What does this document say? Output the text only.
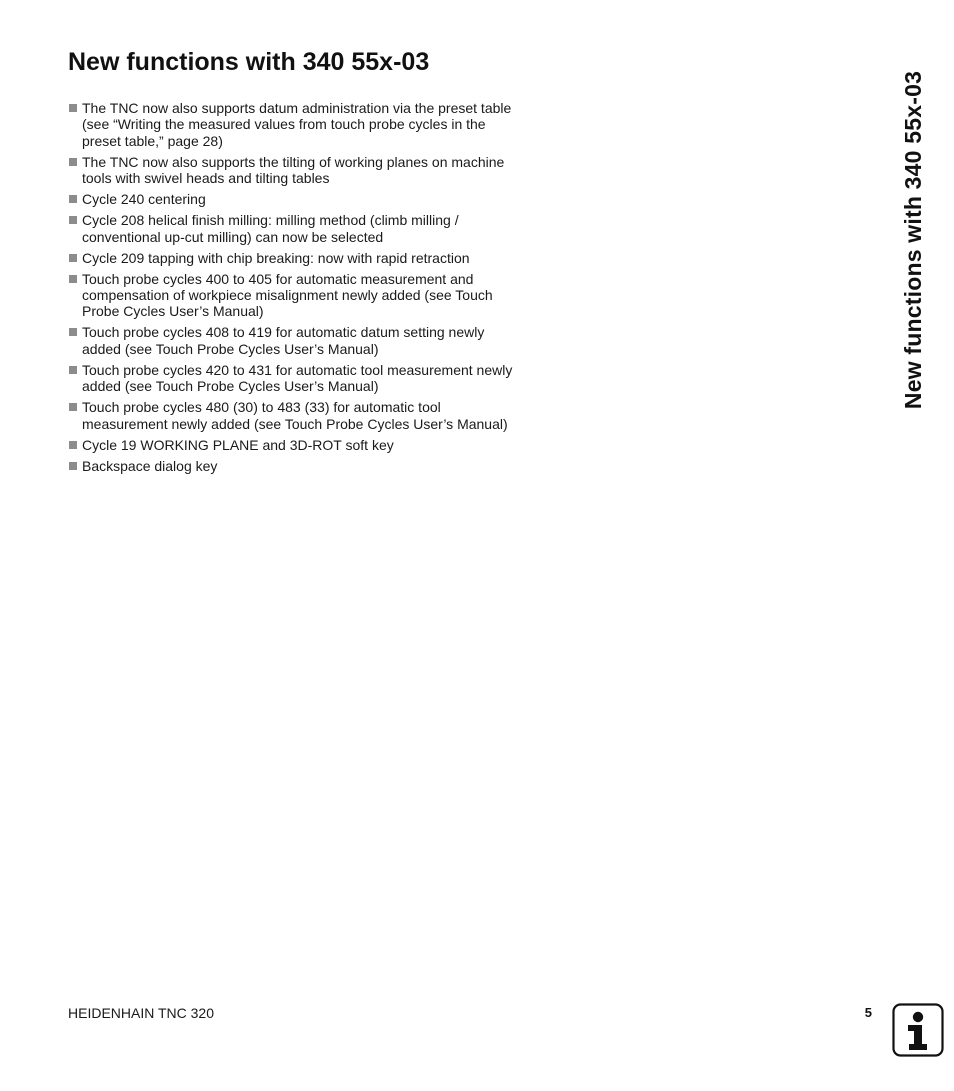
New functions with 340 55x-03
The TNC now also supports datum administration via the preset table (see “Writing the measured values from touch probe cycles in the preset table,” page 28)
The TNC now also supports the tilting of working planes on machine tools with swivel heads and tilting tables
Cycle 240 centering
Cycle 208 helical finish milling: milling method (climb milling / conventional up-cut milling) can now be selected
Cycle 209 tapping with chip breaking: now with rapid retraction
Touch probe cycles 400 to 405 for automatic measurement and compensation of workpiece misalignment newly added (see Touch Probe Cycles User’s Manual)
Touch probe cycles 408 to 419 for automatic datum setting newly added (see Touch Probe Cycles User’s Manual)
Touch probe cycles 420 to 431 for automatic tool measurement newly added (see Touch Probe Cycles User’s Manual)
Touch probe cycles 480 (30) to 483 (33) for automatic tool measurement newly added (see Touch Probe Cycles User’s Manual)
Cycle 19 WORKING PLANE and 3D-ROT soft key
Backspace dialog key
New functions with 340 55x-03
HEIDENHAIN TNC 320	5
